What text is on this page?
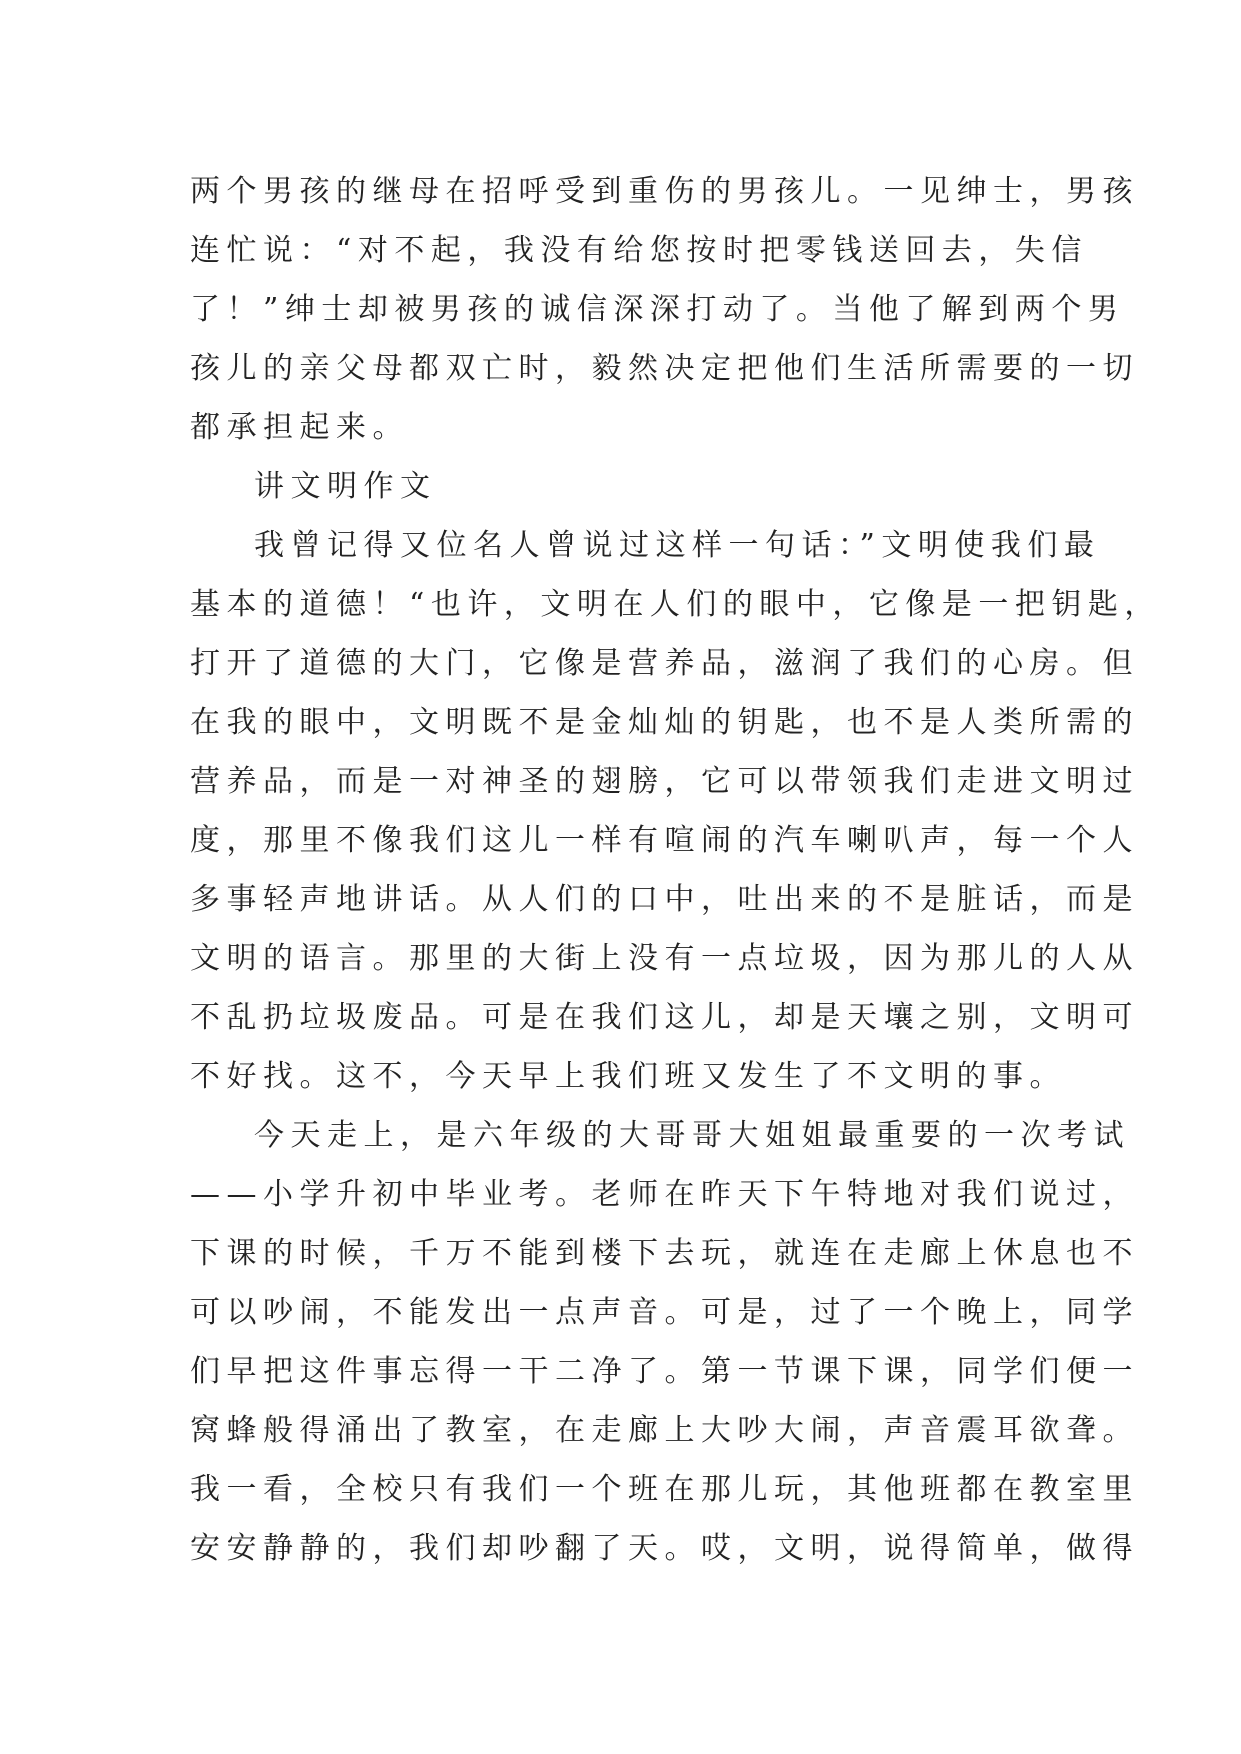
两个男孩的继母在招呼受到重伤的男孩儿。一见绅士，男孩
连忙说：“对不起，我没有给您按时把零钱送回去，失信
了！”绅士却被男孩的诚信深深打动了。当他了解到两个男
孩儿的亲父母都双亡时，毅然决定把他们生活所需要的一切
都承担起来。
讲文明作文
我曾记得又位名人曾说过这样一句话：”文明使我们最
基本的道德！“也许，文明在人们的眼中，它像是一把钥匙，
打开了道德的大门，它像是营养品，滋润了我们的心房。但
在我的眼中，文明既不是金灿灿的钥匙，也不是人类所需的
营养品，而是一对神圣的翅膀，它可以带领我们走进文明过
度，那里不像我们这儿一样有喧闹的汽车喇叭声，每一个人
多事轻声地讲话。从人们的口中，吐出来的不是脏话，而是
文明的语言。那里的大街上没有一点垃圾，因为那儿的人从
不乱扔垃圾废品。可是在我们这儿，却是天壤之别，文明可
不好找。这不，今天早上我们班又发生了不文明的事。
今天走上，是六年级的大哥哥大姐姐最重要的一次考试
——小学升初中毕业考。老师在昨天下午特地对我们说过，
下课的时候，千万不能到楼下去玩，就连在走廊上休息也不
可以吵闹，不能发出一点声音。可是，过了一个晚上，同学
们早把这件事忘得一干二净了。第一节课下课，同学们便一
窝蜂般得涌出了教室，在走廊上大吵大闹，声音震耳欲聋。
我一看，全校只有我们一个班在那儿玩，其他班都在教室里
安安静静的，我们却吵翻了天。哎，文明，说得简单，做得
